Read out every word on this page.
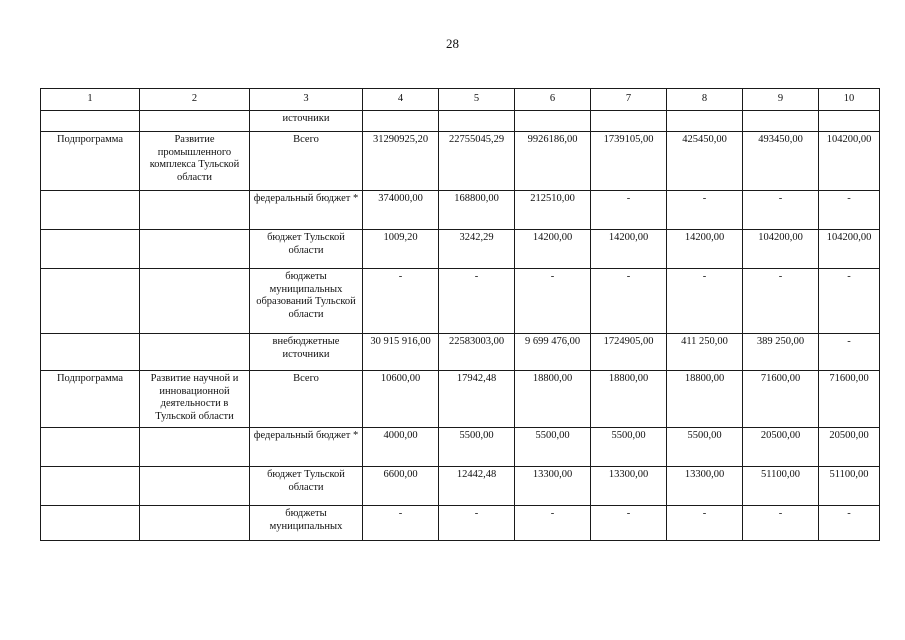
28
1	2	3	4	5	6	7	8	9	10
		источники							
Подпрограмма	Развитие промышленного комплекса Тульской области	Всего	31290925,20	22755045,29	9926186,00	1739105,00	425450,00	493450,00	104200,00
		федеральный бюджет *	374000,00	168800,00	212510,00	-	-	-	-
		бюджет Тульской области	1009,20	3242,29	14200,00	14200,00	14200,00	104200,00	104200,00
		бюджеты муниципальных образований Тульской области	-	-	-	-	-	-	-
		внебюджетные источники	30 915 916,00	22583003,00	9 699 476,00	1724905,00	411 250,00	389 250,00	-
Подпрограмма	Развитие научной и инновационной деятельности в Тульской области	Всего	10600,00	17942,48	18800,00	18800,00	18800,00	71600,00	71600,00
		федеральный бюджет *	4000,00	5500,00	5500,00	5500,00	5500,00	20500,00	20500,00
		бюджет Тульской области	6600,00	12442,48	13300,00	13300,00	13300,00	51100,00	51100,00
		бюджеты муниципальных	-	-	-	-	-	-	-
